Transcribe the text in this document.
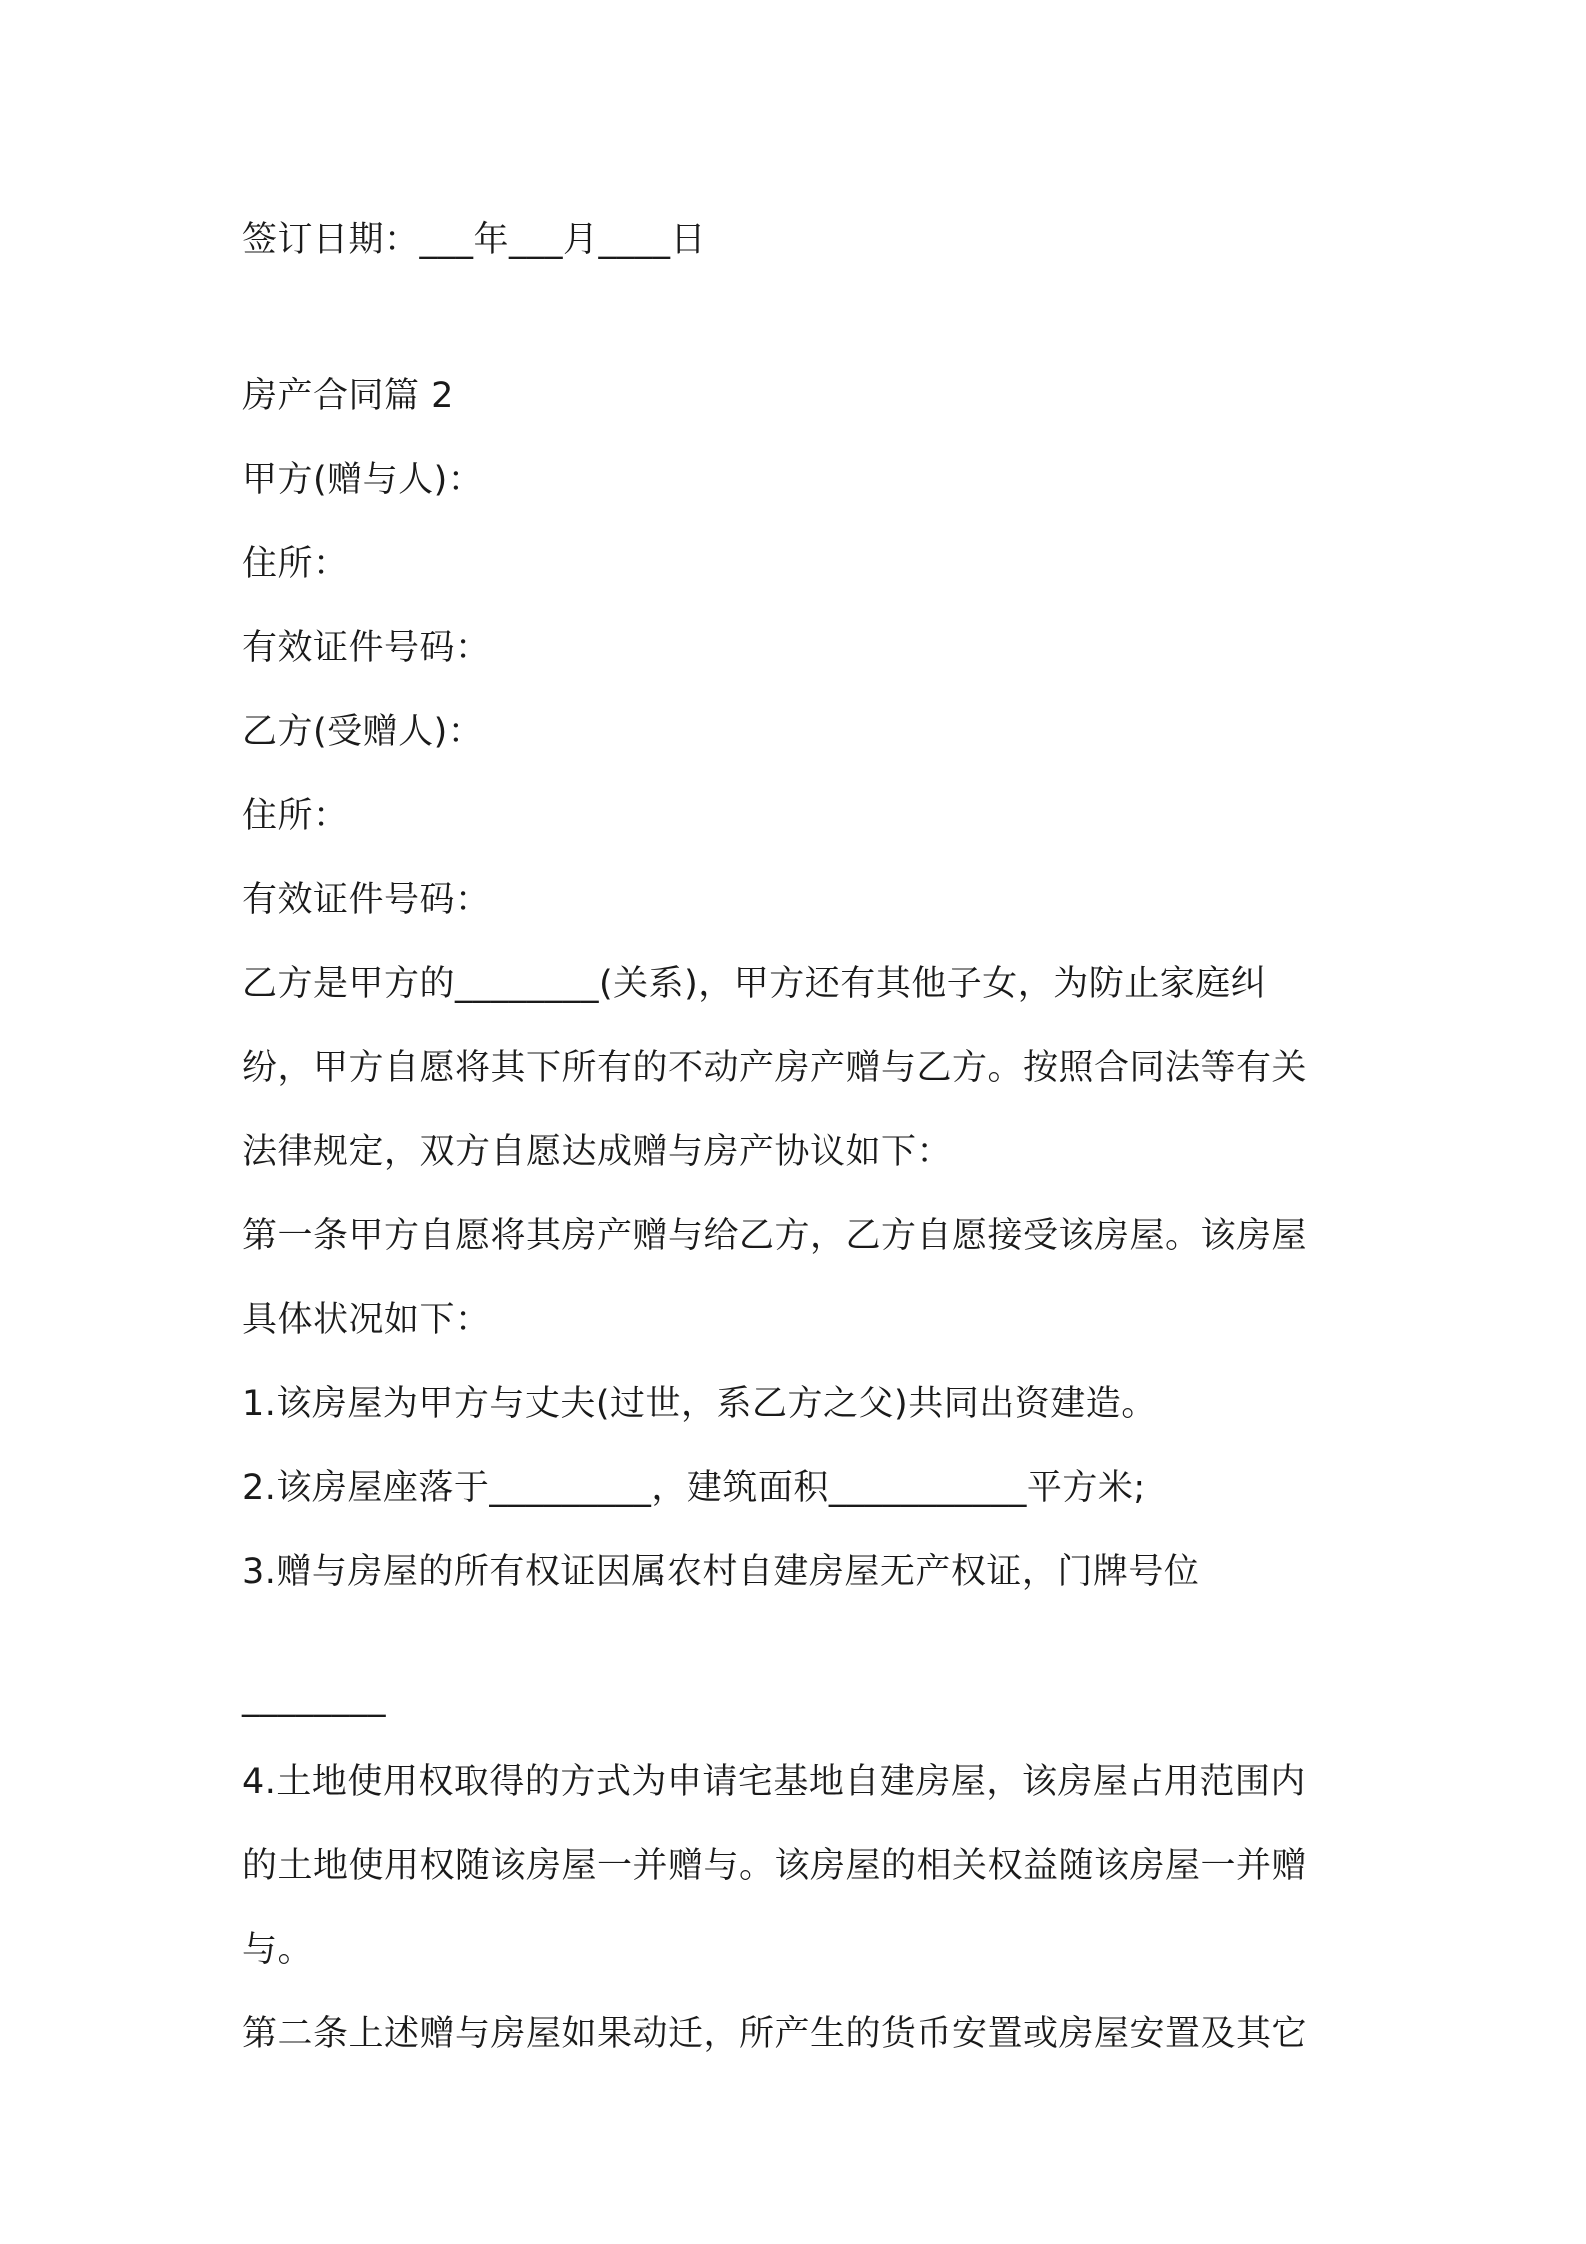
签订日期：___年___月____日
房产合同篇 2
甲方(赠与人)：
住所：
有效证件号码：
乙方(受赠人)：
住所：
有效证件号码：
乙方是甲方的________(关系)，甲方还有其他子女，为防止家庭纠
纷，甲方自愿将其下所有的不动产房产赠与乙方。按照合同法等有关
法律规定，双方自愿达成赠与房产协议如下：
第一条甲方自愿将其房产赠与给乙方，乙方自愿接受该房屋。该房屋
具体状况如下：
1.该房屋为甲方与丈夫(过世，系乙方之父)共同出资建造。
2.该房屋座落于_________，建筑面积___________平方米;
3.赠与房屋的所有权证因属农村自建房屋无产权证，门牌号位
________
4.土地使用权取得的方式为申请宅基地自建房屋，该房屋占用范围内
的土地使用权随该房屋一并赠与。该房屋的相关权益随该房屋一并赠
与。
第二条上述赠与房屋如果动迁，所产生的货币安置或房屋安置及其它
